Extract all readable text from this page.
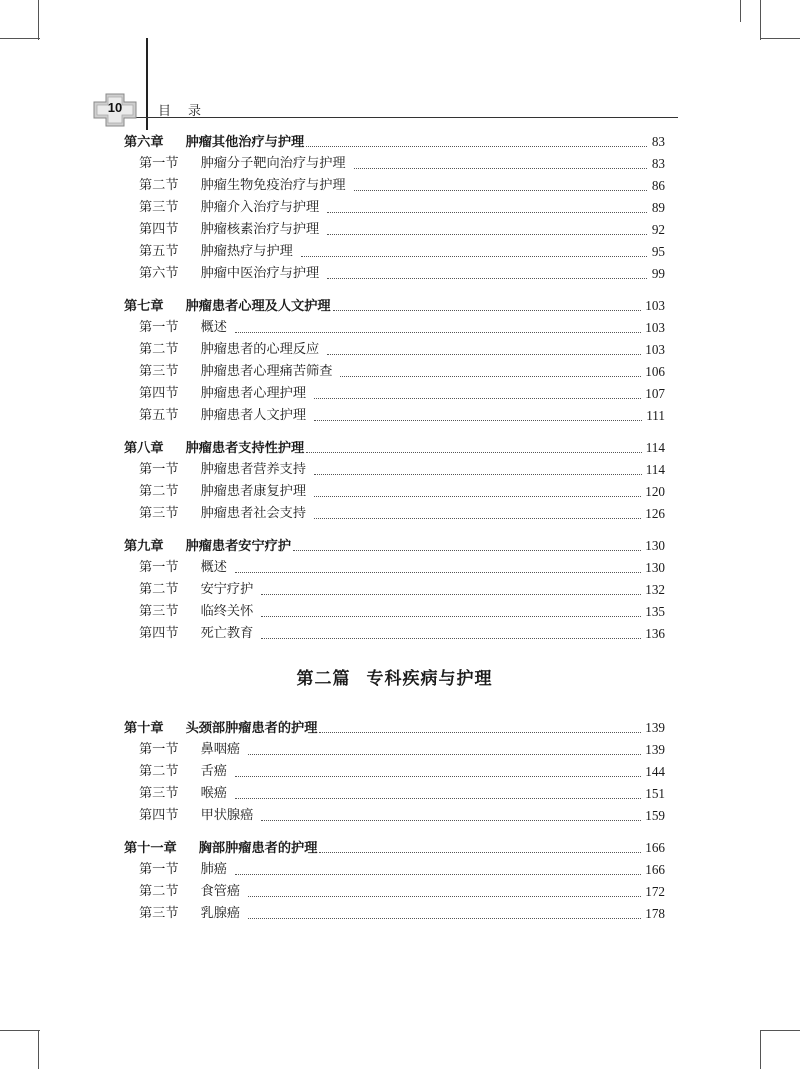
10	目录
第六章 肿瘤其他治疗与护理	83
第一节 肿瘤分子靶向治疗与护理	83
第二节 肿瘤生物免疫治疗与护理	86
第三节 肿瘤介入治疗与护理	89
第四节 肿瘤核素治疗与护理	92
第五节 肿瘤热疗与护理	95
第六节 肿瘤中医治疗与护理	99
第七章 肿瘤患者心理及人文护理	103
第一节 概述	103
第二节 肿瘤患者的心理反应	103
第三节 肿瘤患者心理痛苦筛查	106
第四节 肿瘤患者心理护理	107
第五节 肿瘤患者人文护理	111
第八章 肿瘤患者支持性护理	114
第一节 肿瘤患者营养支持	114
第二节 肿瘤患者康复护理	120
第三节 肿瘤患者社会支持	126
第九章 肿瘤患者安宁疗护	130
第一节 概述	130
第二节 安宁疗护	132
第三节 临终关怀	135
第四节 死亡教育	136
第二篇 专科疾病与护理
第十章 头颈部肿瘤患者的护理	139
第一节 鼻咽癌	139
第二节 舌癌	144
第三节 喉癌	151
第四节 甲状腺癌	159
第十一章 胸部肿瘤患者的护理	166
第一节 肺癌	166
第二节 食管癌	172
第三节 乳腺癌	178
